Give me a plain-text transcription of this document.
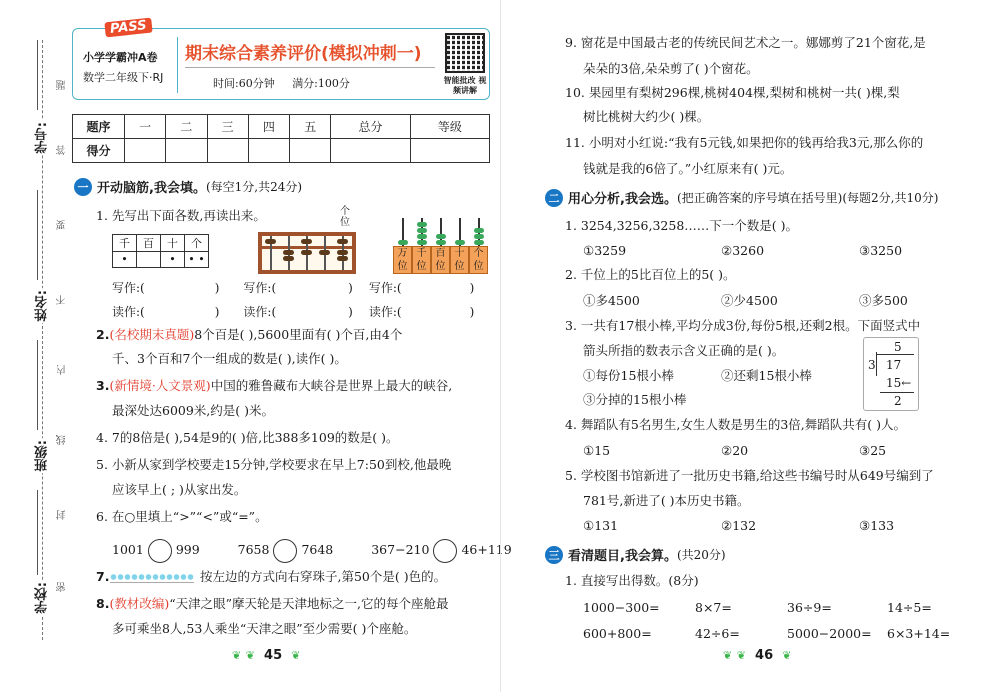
学号:
姓名:
班级:
学校:
题
答
要
不
内
线
封
密
PASS
小学学霸冲A卷
数学二年级下·RJ
期末综合素养评价(模拟冲刺一)
时间:60分钟 满分:100分	智能批改 视频讲解
题序	一	二	三	四	五	总分	等级
得分							
一 开动脑筋,我会填。 (每空1分,共24分)
1. 先写出下面各数,再读出来。
千	百	十	个
•		•	• •
个位
万位
千位
百位
十位
个位
写作:(	) 写作:(	) 写作:(	)
读作:(	) 读作:(	) 读作:(	)
2.(名校期末真题)8个百是( ),5600里面有( )个百,由4个
千、3个百和7个一组成的数是( ),读作( )。
3.(新情境·人文景观)中国的雅鲁藏布大峡谷是世界上最大的峡谷,
最深处达6009米,约是( )米。
4. 7的8倍是( ),54是9的( )倍,比388多109的数是( )。
5. 小新从家到学校要走15分钟,学校要求在早上7:50到校,他最晚
应该早上( ; )从家出发。
6. 在○里填上“>”“<”或“=”。
1001	999	7658	7648	367−210	46+119
7.	按左边的方式向右穿珠子,第50个是( )色的。
8.(教材改编)“天津之眼”摩天轮是天津地标之一,它的每个座舱最
多可乘坐8人,53人乘坐“天津之眼”至少需要( )个座舱。
❦ ❦ 45 ❦
9. 窗花是中国最古老的传统民间艺术之一。娜娜剪了21个窗花,是
朵朵的3倍,朵朵剪了( )个窗花。
10. 果园里有梨树296棵,桃树404棵,梨树和桃树一共( )棵,梨
树比桃树大约少( )棵。
11. 小明对小红说:“我有5元钱,如果把你的钱再给我3元,那么你的
钱就是我的6倍了。”小红原来有( )元。
二 用心分析,我会选。 (把正确答案的序号填在括号里)(每题2分,共10分)
1. 3254,3256,3258……下一个数是( )。
①3259	②3260	③3250
2. 千位上的5比百位上的5( )。
①多4500	②少4500	③多500
3. 一共有17根小棒,平均分成3份,每份5根,还剩2根。下面竖式中
箭头所指的数表示含义正确的是( )。
①每份15根小棒	②还剩15根小棒
③分掉的15根小棒
5
3 17
15←
2
4. 舞蹈队有5名男生,女生人数是男生的3倍,舞蹈队共有( )人。
①15	②20	③25
5. 学校图书馆新进了一批历史书籍,给这些书编号时从649号编到了
781号,新进了( )本历史书籍。
①131	②132	③133
三 看清题目,我会算。 (共20分)
1. 直接写出得数。(8分)
1000−300=	8×7=	36÷9=	14÷5=
600+800=	42÷6=	5000−2000= 6×3+14=
❦ ❦ 46 ❦
